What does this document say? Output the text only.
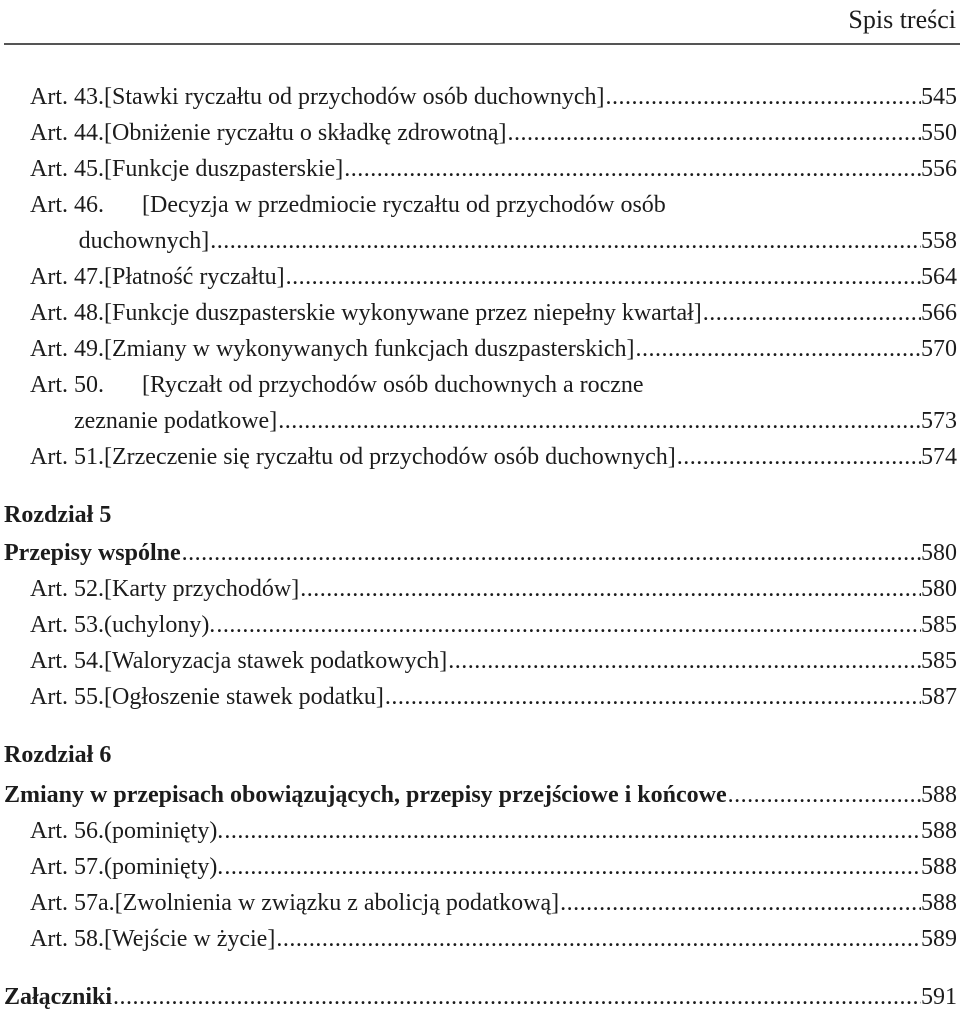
Spis treści
Art. 43. [Stawki ryczałtu od przychodów osób duchownych] .....	545
Art. 44. [Obniżenie ryczałtu o składkę zdrowotną] .....	550
Art. 45. [Funkcje duszpasterskie] .....	556
Art. 46.	[Decyzja w przedmiocie ryczałtu od przychodów osób
duchownych] .....	558
Art. 47. [Płatność ryczałtu] .....	564
Art. 48. [Funkcje duszpasterskie wykonywane przez niepełny kwartał] .....	566
Art. 49. [Zmiany w wykonywanych funkcjach duszpasterskich] .....	570
Art. 50.	[Ryczałt od przychodów osób duchownych a roczne
zeznanie podatkowe] .....	573
Art. 51. [Zrzeczenie się ryczałtu od przychodów osób duchownych] .....	574
Rozdział 5
Przepisy wspólne .....	580
Art. 52. [Karty przychodów] .....	580
Art. 53. (uchylony). .....	585
Art. 54. [Waloryzacja stawek podatkowych] .....	585
Art. 55. [Ogłoszenie stawek podatku] .....	587
Rozdział 6
Zmiany w przepisach obowiązujących, przepisy przejściowe i końcowe .....	588
Art. 56. (pominięty). .....	588
Art. 57. (pominięty). .....	588
Art. 57a. [Zwolnienia w związku z abolicją podatkową] .....	588
Art. 58. [Wejście w życie] .....	589
Załączniki .....	591
